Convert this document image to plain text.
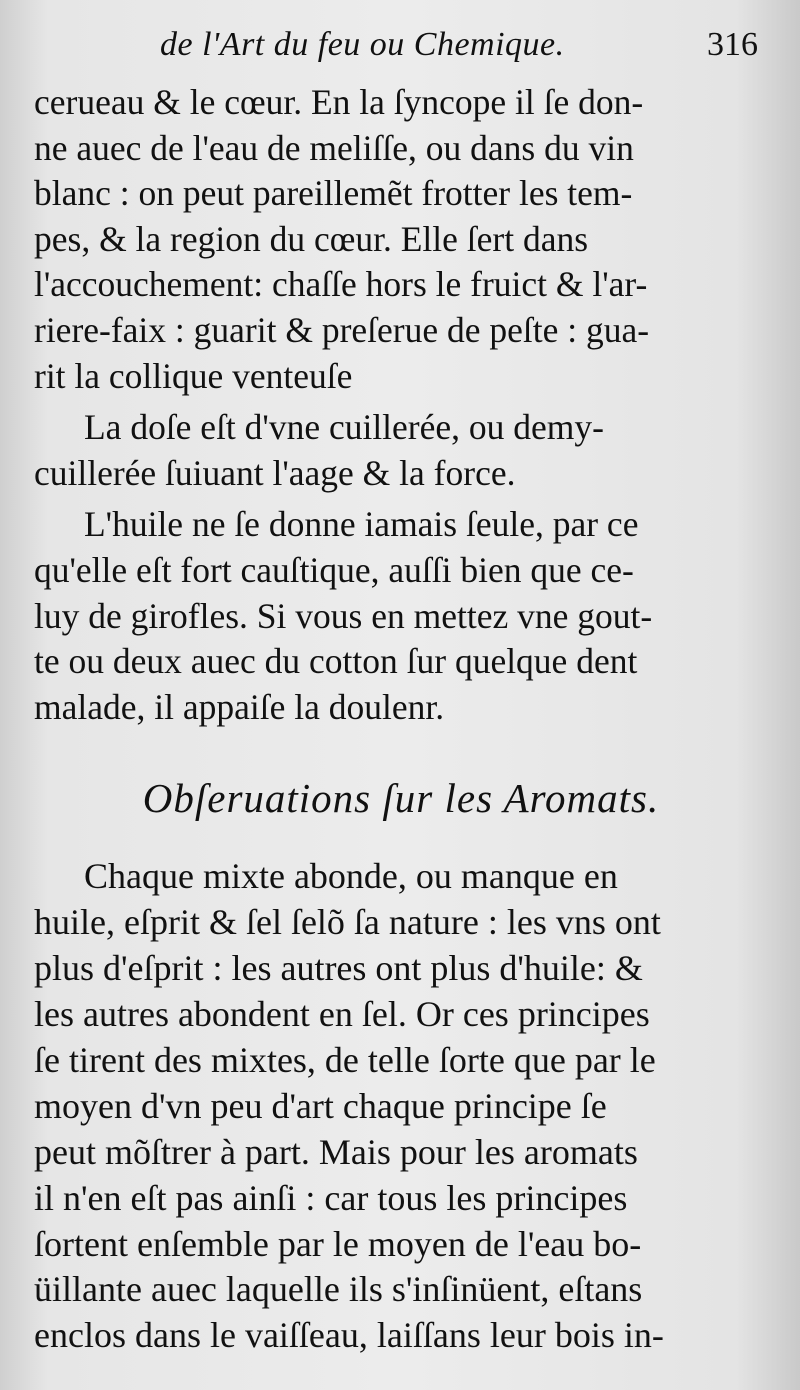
de l'Art du feu ou Chemique.	316
cerueau & le cœur. En la ſyncope il ſe don-
ne auec de l'eau de meliſſe, ou dans du vin
blanc : on peut pareillemẽt frotter les tem-
pes, & la region du cœur. Elle ſert dans
l'accouchement: chaſſe hors le fruict & l'ar-
riere-faix : guarit & preſerue de peſte : gua-
rit la collique venteuſe
La doſe eſt d'vne cuillerée, ou demy-
cuillerée ſuiuant l'aage & la force.
L'huile ne ſe donne iamais ſeule, par ce
qu'elle eſt fort cauſtique, auſſi bien que ce-
luy de girofles. Si vous en mettez vne gout-
te ou deux auec du cotton ſur quelque dent
malade, il appaiſe la doulenr.
Obſeruations ſur les Aromats.
Chaque mixte abonde, ou manque en
huile, eſprit & ſel ſelõ ſa nature : les vns ont
plus d'eſprit : les autres ont plus d'huile: &
les autres abondent en ſel. Or ces principes
ſe tirent des mixtes, de telle ſorte que par le
moyen d'vn peu d'art chaque principe ſe
peut mõſtrer à part. Mais pour les aromats
il n'en eſt pas ainſi : car tous les principes
ſortent enſemble par le moyen de l'eau bo-
üillante auec laquelle ils s'inſinüent, eſtans
enclos dans le vaiſſeau, laiſſans leur bois in-
